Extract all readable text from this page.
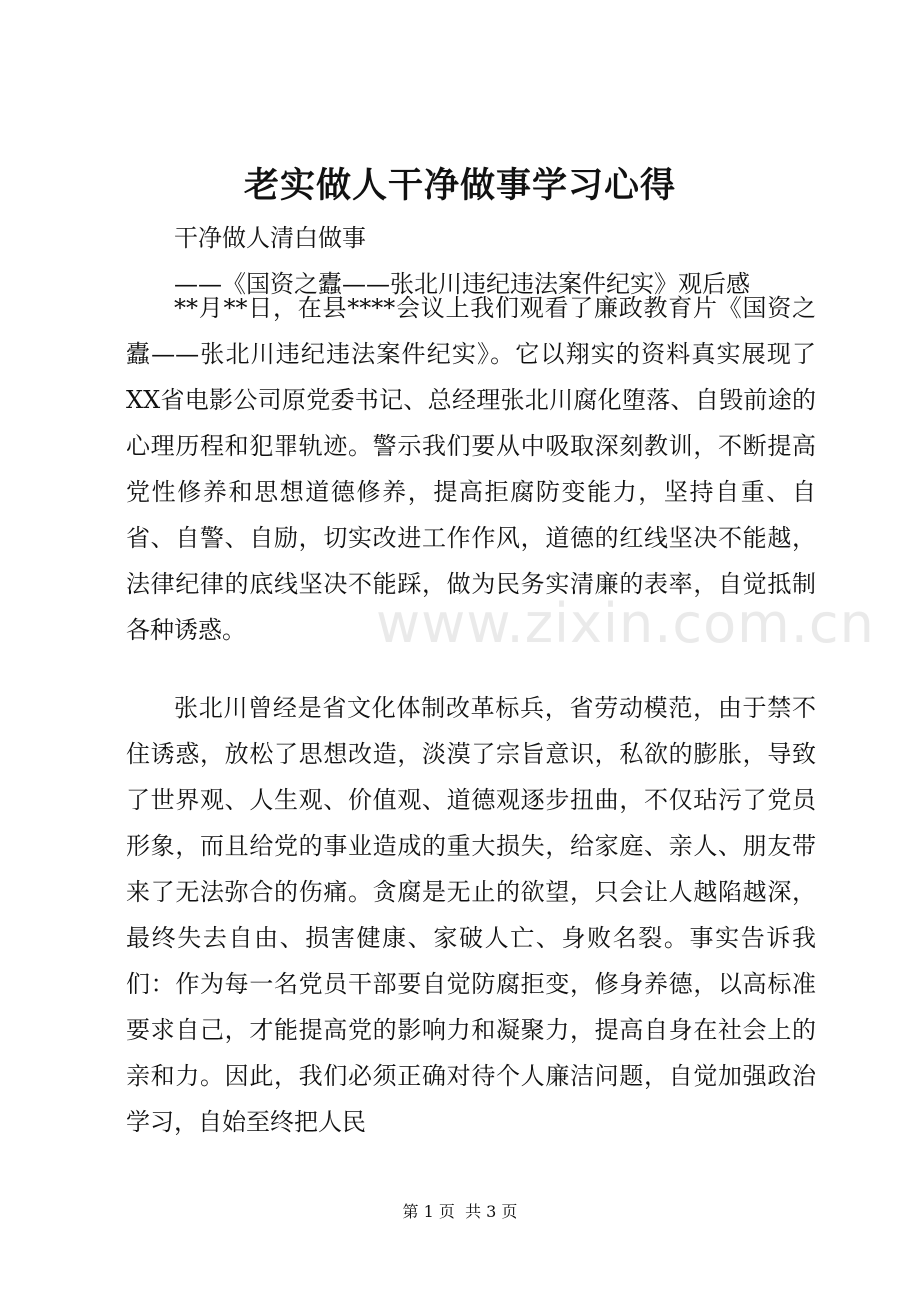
老实做人干净做事学习心得
干净做人清白做事
——《国资之蠹——张北川违纪违法案件纪实》观后感

**月**日，在县****会议上我们观看了廉政教育片《国资之蠹——张北川违纪违法案件纪实》。它以翔实的资料真实展现了XX省电影公司原党委书记、总经理张北川腐化堕落、自毁前途的心理历程和犯罪轨迹。警示我们要从中吸取深刻教训，不断提高党性修养和思想道德修养，提高拒腐防变能力，坚持自重、自省、自警、自励，切实改进工作作风，道德的红线坚决不能越，法律纪律的底线坚决不能踩，做为民务实清廉的表率，自觉抵制各种诱惑。

张北川曾经是省文化体制改革标兵，省劳动模范，由于禁不住诱惑，放松了思想改造，淡漠了宗旨意识，私欲的膨胀，导致了世界观、人生观、价值观、道德观逐步扭曲，不仅玷污了党员形象，而且给党的事业造成的重大损失，给家庭、亲人、朋友带来了无法弥合的伤痛。贪腐是无止的欲望，只会让人越陷越深，最终失去自由、损害健康、家破人亡、身败名裂。事实告诉我们：作为每一名党员干部要自觉防腐拒变，修身养德，以高标准要求自己，才能提高党的影响力和凝聚力，提高自身在社会上的亲和力。因此，我们必须正确对待个人廉洁问题，自觉加强政治学习，自始至终把人民

www.zixin.com.cn
第 1 页  共 3 页
